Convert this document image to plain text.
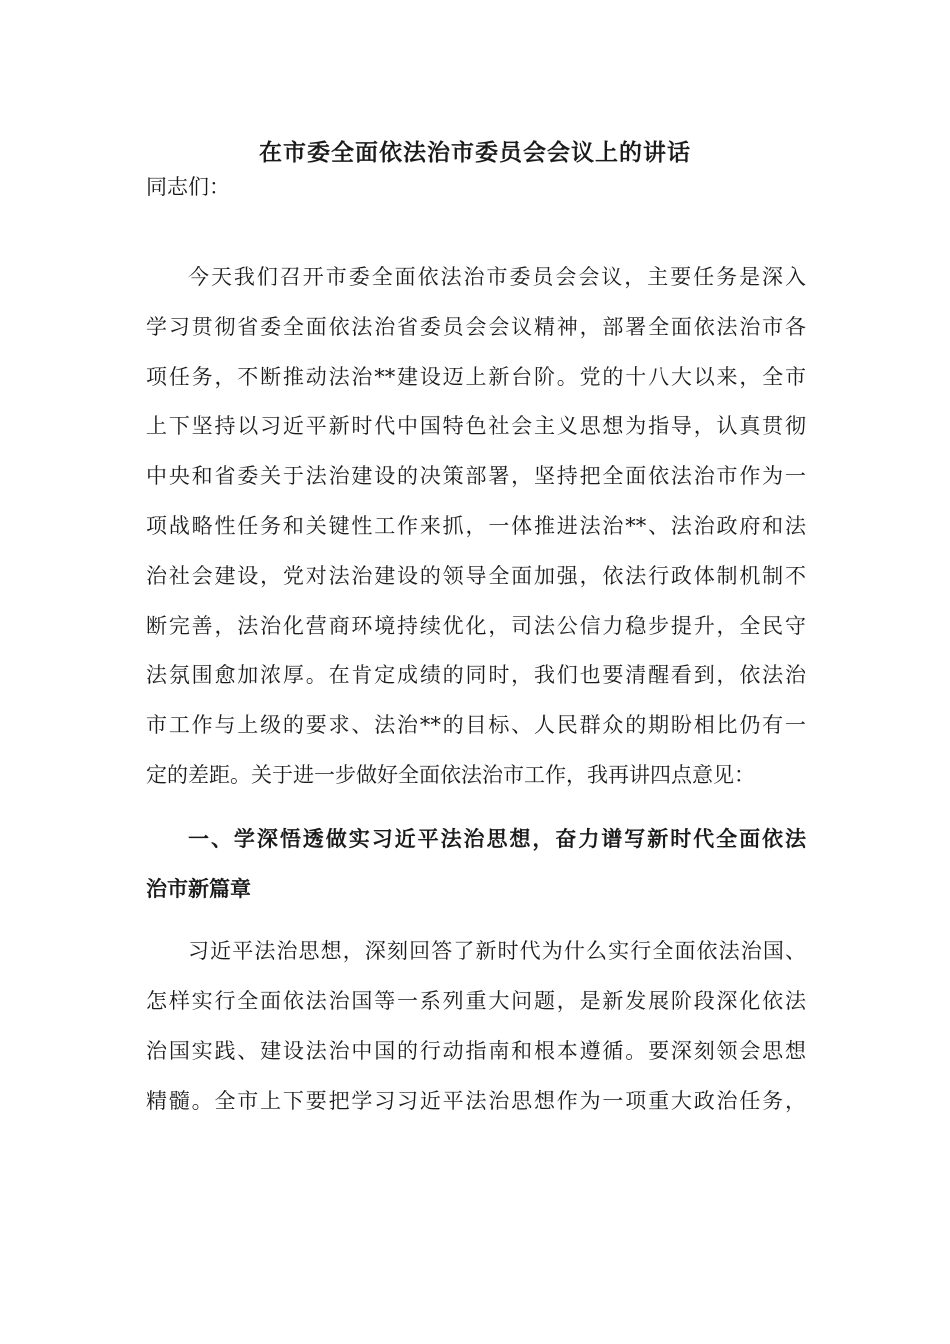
在市委全面依法治市委员会会议上的讲话
同志们：
今天我们召开市委全面依法治市委员会会议，主要任务是深入
学习贯彻省委全面依法治省委员会会议精神，部署全面依法治市各
项任务，不断推动法治**建设迈上新台阶。党的十八大以来，全市
上下坚持以习近平新时代中国特色社会主义思想为指导，认真贯彻
中央和省委关于法治建设的决策部署，坚持把全面依法治市作为一
项战略性任务和关键性工作来抓，一体推进法治**、法治政府和法
治社会建设，党对法治建设的领导全面加强，依法行政体制机制不
断完善，法治化营商环境持续优化，司法公信力稳步提升，全民守
法氛围愈加浓厚。在肯定成绩的同时，我们也要清醒看到，依法治
市工作与上级的要求、法治**的目标、人民群众的期盼相比仍有一
定的差距。关于进一步做好全面依法治市工作，我再讲四点意见：
一、学深悟透做实习近平法治思想，奋力谱写新时代全面依法
治市新篇章
习近平法治思想，深刻回答了新时代为什么实行全面依法治国、
怎样实行全面依法治国等一系列重大问题，是新发展阶段深化依法
治国实践、建设法治中国的行动指南和根本遵循。要深刻领会思想
精髓。全市上下要把学习习近平法治思想作为一项重大政治任务，
